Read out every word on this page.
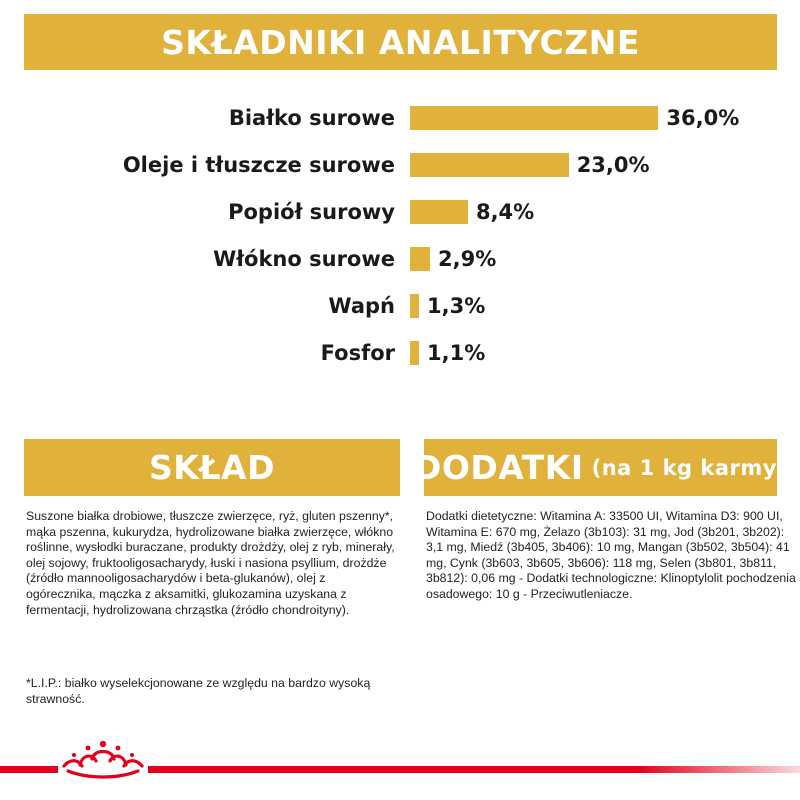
SKŁADNIKI ANALITYCZNE
Białko surowe	36,0%
Oleje i tłuszcze surowe	23,0%
Popiół surowy	8,4%
Włókno surowe 2,9%
Wapń 1,3%
Fosfor 1,1%
SKŁAD	DODATKI (na 1 kg karmy)
Suszone białka drobiowe, tłuszcze zwierzęce, ryż, gluten pszenny*, mąka pszenna, kukurydza, hydrolizowane białka zwierzęce, włókno roślinne, wysłodki buraczane, produkty drożdży, olej z ryb, minerały, olej sojowy, fruktooligosacharydy, łuski i nasiona psyllium, drożdże (źródło mannooligosacharydów i beta-glukanów), olej z ogórecznika, mączka z aksamitki, glukozamina uzyskana z fermentacji, hydrolizowana chrząstka (źródło chondroityny).
*L.I.P.: białko wyselekcjonowane ze względu na bardzo wysoką strawność.
Dodatki dietetyczne: Witamina A: 33500 UI, Witamina D3: 900 UI, Witamina E: 670 mg, Żelazo (3b103): 31 mg, Jod (3b201, 3b202): 3,1 mg, Miedź (3b405, 3b406): 10 mg, Mangan (3b502, 3b504): 41 mg, Cynk (3b603, 3b605, 3b606): 118 mg, Selen (3b801, 3b811, 3b812): 0,06 mg - Dodatki technologiczne: Klinoptylolit pochodzenia osadowego: 10 g - Przeciwutleniacze.
